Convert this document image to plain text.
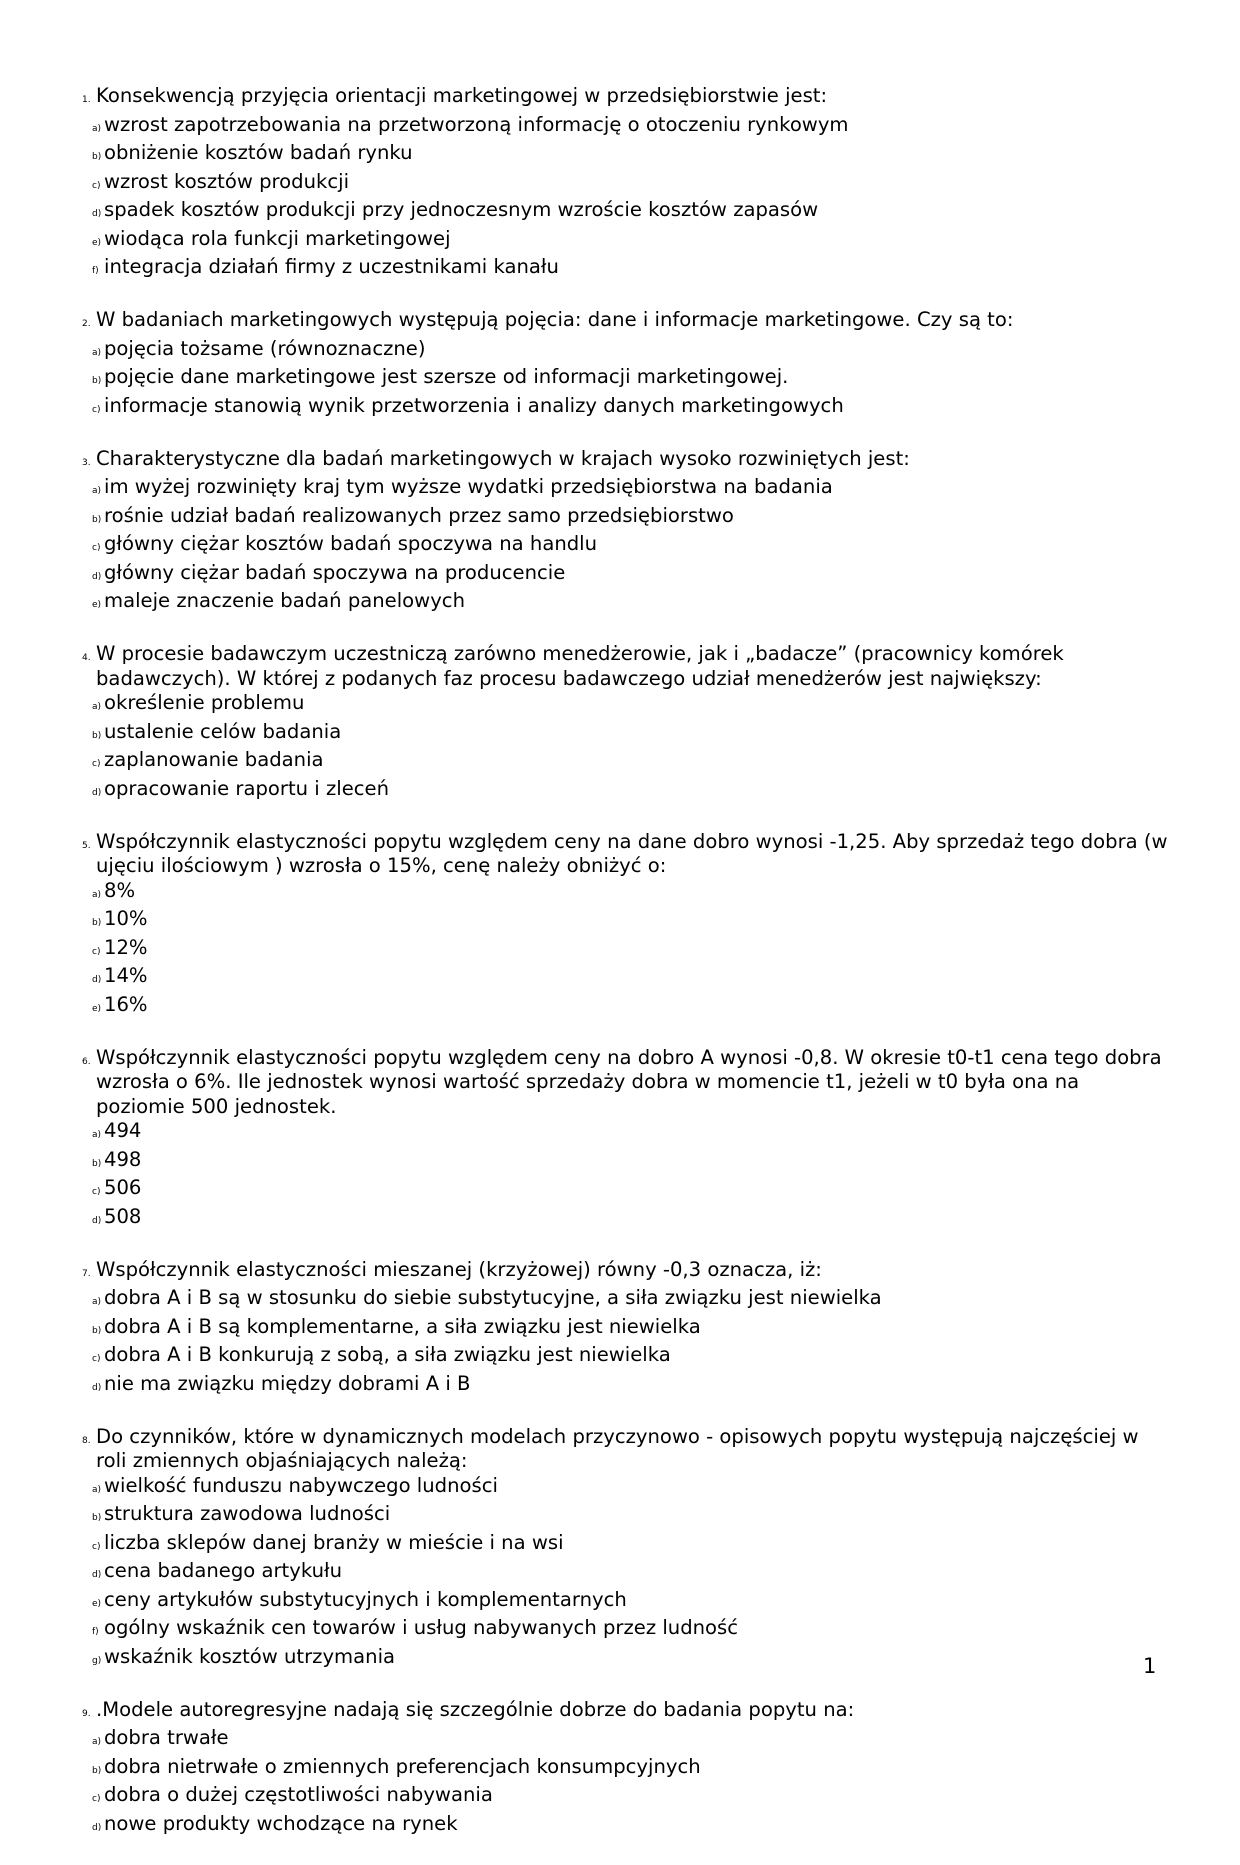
1. Konsekwencją przyjęcia orientacji marketingowej w przedsiębiorstwie jest:
a) wzrost zapotrzebowania na przetworzoną informację o otoczeniu rynkowym
b) obniżenie kosztów badań rynku
c) wzrost kosztów produkcji
d) spadek kosztów produkcji przy jednoczesnym wzroście kosztów zapasów
e) wiodąca rola funkcji marketingowej
f) integracja działań firmy z uczestnikami kanału
2. W badaniach marketingowych występują pojęcia: dane i informacje marketingowe. Czy są to:
a) pojęcia tożsame (równoznaczne)
b) pojęcie dane marketingowe jest szersze od informacji marketingowej.
c) informacje stanowią wynik przetworzenia i analizy danych marketingowych
3. Charakterystyczne dla badań marketingowych w krajach wysoko rozwiniętych jest:
a) im wyżej rozwinięty kraj tym wyższe wydatki przedsiębiorstwa na badania
b) rośnie udział badań realizowanych przez samo przedsiębiorstwo
c) główny ciężar kosztów badań spoczywa na handlu
d) główny ciężar badań spoczywa na producencie
e) maleje znaczenie badań panelowych
4. W procesie badawczym uczestniczą zarówno menedżerowie, jak i „badacze” (pracownicy komórek badawczych). W której z podanych faz procesu badawczego udział menedżerów jest największy:
a) określenie problemu
b) ustalenie celów badania
c) zaplanowanie badania
d) opracowanie raportu i zleceń
5. Współczynnik elastyczności popytu względem ceny na dane dobro wynosi -1,25. Aby sprzedaż tego dobra (w ujęciu ilościowym ) wzrosła o 15%, cenę należy obniżyć o:
a) 8%
b) 10%
c) 12%
d) 14%
e) 16%
6. Współczynnik elastyczności popytu względem ceny na dobro A wynosi -0,8. W okresie t0-t1 cena tego dobra wzrosła o 6%. Ile jednostek wynosi wartość sprzedaży dobra w momencie t1, jeżeli w t0 była ona na poziomie 500 jednostek.
a) 494
b) 498
c) 506
d) 508
7. Współczynnik elastyczności mieszanej (krzyżowej) równy -0,3 oznacza, iż:
a) dobra A i B są w stosunku do siebie substytucyjne, a siła związku jest niewielka
b) dobra A i B są komplementarne, a siła związku jest niewielka
c) dobra A i B konkurują z sobą, a siła związku jest niewielka
d) nie ma związku między dobrami A i B
8. Do czynników, które w dynamicznych modelach przyczynowo - opisowych popytu występują najczęściej w roli zmiennych objaśniających należą:
a) wielkość funduszu nabywczego ludności
b) struktura zawodowa ludności
c) liczba sklepów danej branży w mieście i na wsi
d) cena badanego artykułu
e) ceny artykułów substytucyjnych i komplementarnych
f) ogólny wskaźnik cen towarów i usług nabywanych przez ludność
g) wskaźnik kosztów utrzymania
9. .Modele autoregresyjne nadają się szczególnie dobrze do badania popytu na:
a) dobra trwałe
b) dobra nietrwałe o zmiennych preferencjach konsumpcyjnych
c) dobra o dużej częstotliwości nabywania
d) nowe produkty wchodzące na rynek
1
